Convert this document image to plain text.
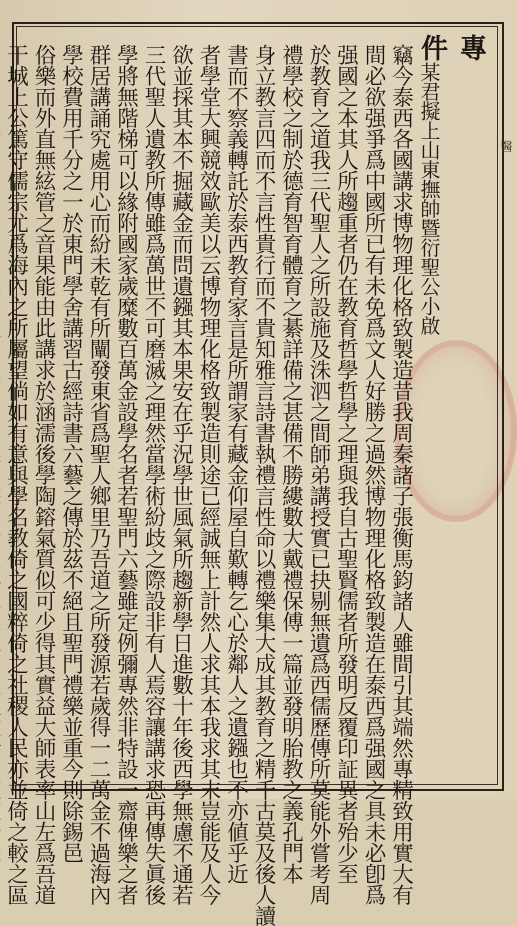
專件
醫
某君擬上山東撫帥暨衍聖公小啟
竊今泰西各國講求博物理化格致製造昔我周秦諸子張衡馬鈞諸人雖間引其端然專精致用實大有
間必欲强爭爲中國所已有未免爲文人好勝之過然博物理化格致製造在泰西爲强國之具未必卽爲
强國之本其人所趨重者仍在教育哲學哲學之理與我自古聖賢儒者所發明反覆印証異者殆少至
於教育之道我三代聖人之所設施及洙泗之間師弟講授實已抉剔無遺爲西儒歷傳所莫能外嘗考周
禮學校之制於德育智育體育之綦詳備之甚備不勝縷數大戴禮保傅一篇並發明胎教之義孔門本
身立教言四而不言性貴行而不貴知雅言詩書執禮言性命以禮樂集大成其教育之精千古莫及後人讀
書而不察義轉託於泰西教育家言是所謂家有藏金仰屋自歎轉乞心於鄰人之遺鏹也不亦値乎近
者學堂大興競效歐美以云博物理化格致製造則途已經誠無上計然人求其本我求其末豈能及人今
欲並採其本不掘藏金而問遺鏹其本果安在乎況學世風氣所趨新學日進數十年後西學無慮不通若
三代聖人遺教所傳雖爲萬世不可磨滅之理然當學術紛歧之際設非有人焉容讓講求恐再傳失眞後
學將無階梯可以緣附國家歲糜數百萬金設學名者若聖門六藝雖定例彌專然非特設一齋俾樂之者
群居講誦究處用心而紛未乾有所闡發東省爲聖人鄉里乃吾道之所發源若歲得一二萬金不過海內
學校費用千分之一於東門學舍講習古經詩書六藝之傳於茲不絕且聖門禮樂並重今則除錫邑
俗樂而外直無絃管之音果能由此講求於涵濡後學陶鎔氣質似可少得其實益大師表率山左爲吾道
干城上公篤守儒宗尤爲海內之所屬望倘如有意與學名教倚之國粹倚之社稷人民亦並倚之較之區
